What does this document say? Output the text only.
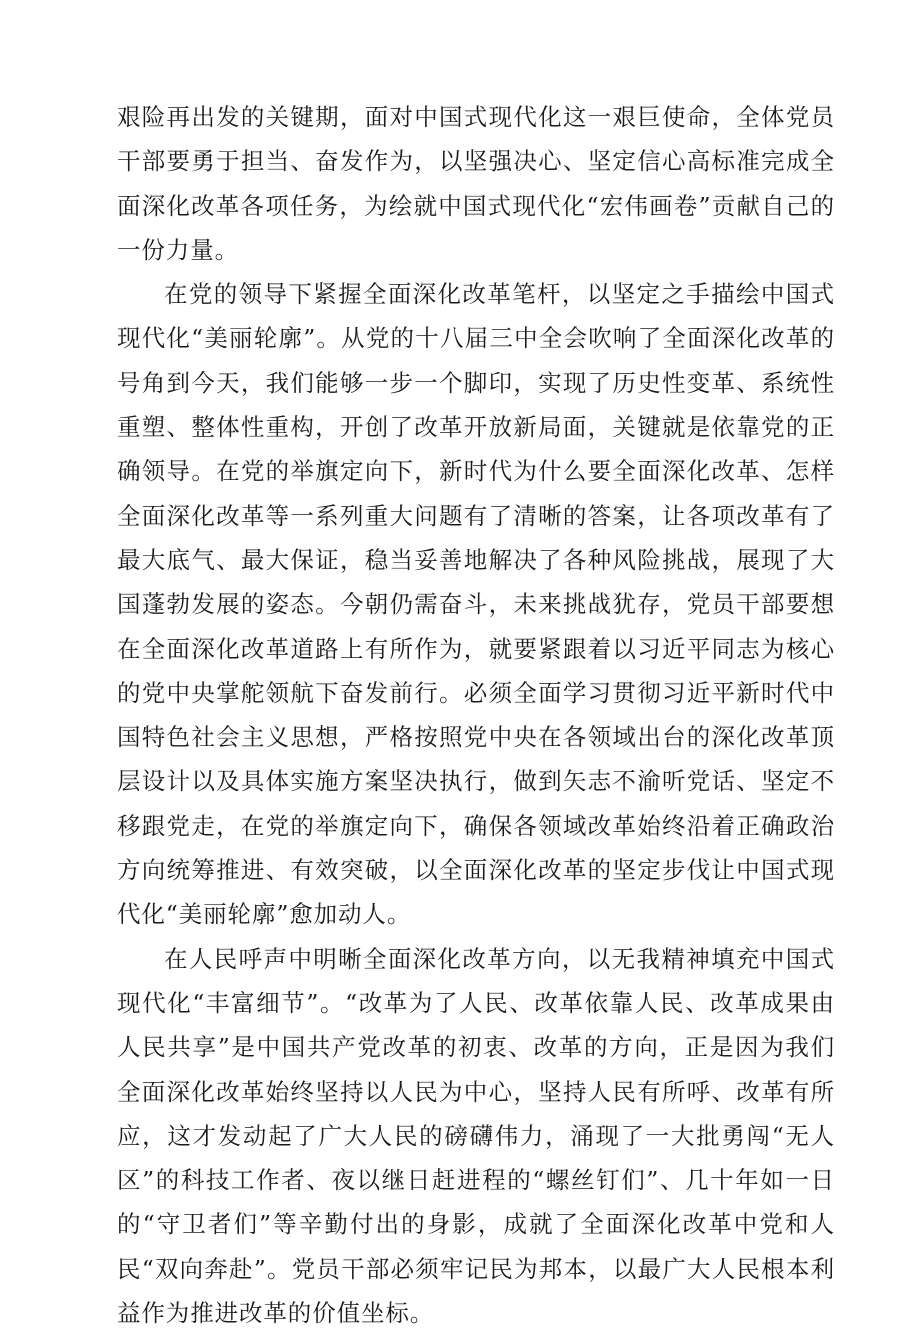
艰险再出发的关键期，面对中国式现代化这一艰巨使命，全体党员干部要勇于担当、奋发作为，以坚强决心、坚定信心高标准完成全面深化改革各项任务，为绘就中国式现代化“宏伟画卷”贡献自己的一份力量。

在党的领导下紧握全面深化改革笔杆，以坚定之手描绘中国式现代化“美丽轮廓”。从党的十八届三中全会吹响了全面深化改革的号角到今天，我们能够一步一个脚印，实现了历史性变革、系统性重塑、整体性重构，开创了改革开放新局面，关键就是依靠党的正确领导。在党的举旗定向下，新时代为什么要全面深化改革、怎样全面深化改革等一系列重大问题有了清晰的答案，让各项改革有了最大底气、最大保证，稳当妥善地解决了各种风险挑战，展现了大国蓬勃发展的姿态。今朝仍需奋斗，未来挑战犹存，党员干部要想在全面深化改革道路上有所作为，就要紧跟着以习近平同志为核心的党中央掌舵领航下奋发前行。必须全面学习贯彻习近平新时代中国特色社会主义思想，严格按照党中央在各领域出台的深化改革顶层设计以及具体实施方案坚决执行，做到矢志不渝听党话、坚定不移跟党走，在党的举旗定向下，确保各领域改革始终沿着正确政治方向统筹推进、有效突破，以全面深化改革的坚定步伐让中国式现代化“美丽轮廓”愈加动人。

在人民呼声中明晰全面深化改革方向，以无我精神填充中国式现代化“丰富细节”。“改革为了人民、改革依靠人民、改革成果由人民共享”是中国共产党改革的初衷、改革的方向，正是因为我们全面深化改革始终坚持以人民为中心，坚持人民有所呼、改革有所应，这才发动起了广大人民的磅礴伟力，涌现了一大批勇闯“无人区”的科技工作者、夜以继日赶进程的“螺丝钉们”、几十年如一日的“守卫者们”等辛勤付出的身影，成就了全面深化改革中党和人民“双向奔赴”。党员干部必须牢记民为邦本，以最广大人民根本利益作为推进改革的价值坐标。
